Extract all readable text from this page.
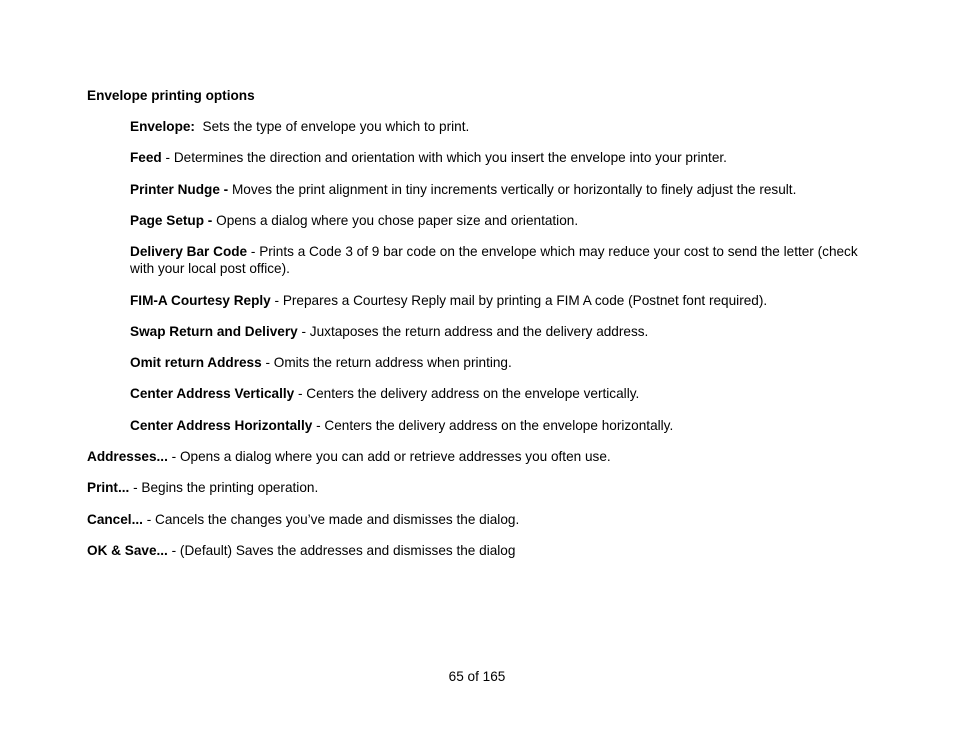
Envelope printing options
Envelope:  Sets the type of envelope you which to print.
Feed - Determines the direction and orientation with which you insert the envelope into your printer.
Printer Nudge - Moves the print alignment in tiny increments vertically or horizontally to finely adjust the result.
Page Setup - Opens a dialog where you chose paper size and orientation.
Delivery Bar Code - Prints a Code 3 of 9 bar code on the envelope which may reduce your cost to send the letter (check with your local post office).
FIM-A Courtesy Reply - Prepares a Courtesy Reply mail by printing a FIM A code (Postnet font required).
Swap Return and Delivery - Juxtaposes the return address and the delivery address.
Omit return Address - Omits the return address when printing.
Center Address Vertically - Centers the delivery address on the envelope vertically.
Center Address Horizontally - Centers the delivery address on the envelope horizontally.
Addresses... - Opens a dialog where you can add or retrieve addresses you often use.
Print... - Begins the printing operation.
Cancel... - Cancels the changes you’ve made and dismisses the dialog.
OK & Save... - (Default) Saves the addresses and dismisses the dialog
65 of 165
